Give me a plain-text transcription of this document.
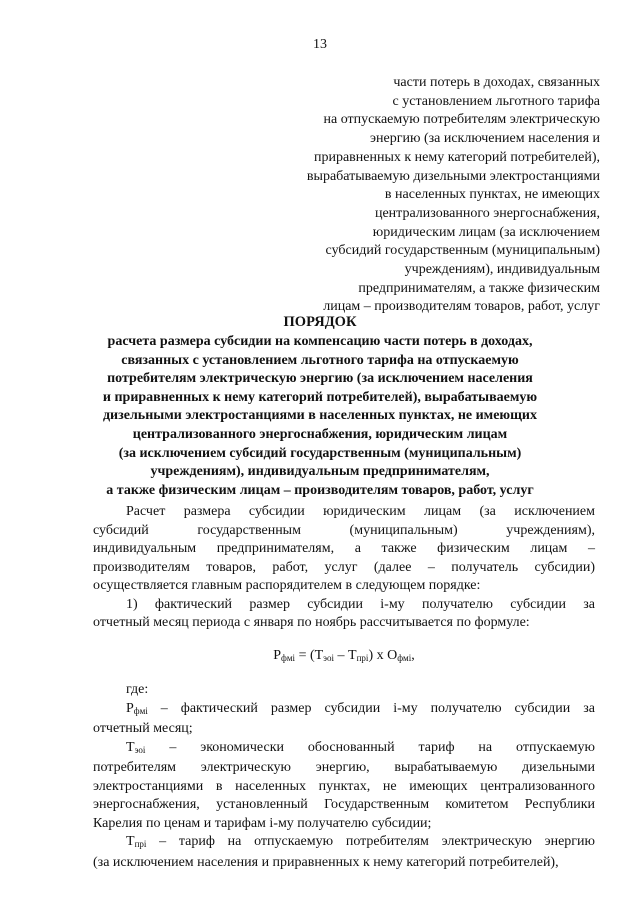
13
части потерь в доходах, связанных
с установлением льготного тарифа
на отпускаемую потребителям электрическую
энергию (за исключением населения и
приравненных к нему категорий потребителей),
вырабатываемую дизельными электростанциями
в населенных пунктах, не имеющих
централизованного энергоснабжения,
юридическим лицам (за исключением
субсидий государственным (муниципальным)
учреждениям), индивидуальным
предпринимателям, а также физическим
лицам – производителям товаров, работ, услуг
ПОРЯДОК
расчета размера субсидии на компенсацию части потерь в доходах,
связанных с установлением льготного тарифа на отпускаемую
потребителям электрическую энергию (за исключением населения
и приравненных к нему категорий потребителей), вырабатываемую
дизельными электростанциями в населенных пунктах, не имеющих
централизованного энергоснабжения, юридическим лицам
(за исключением субсидий государственным (муниципальным)
учреждениям), индивидуальным предпринимателям,
а также физическим лицам – производителям товаров, работ, услуг
Расчет размера субсидии юридическим лицам (за исключением
субсидий государственным (муниципальным) учреждениям),
индивидуальным предпринимателям, а также физическим лицам –
производителям товаров, работ, услуг (далее – получатель субсидии)
осуществляется главным распорядителем в следующем порядке:
1) фактический размер субсидии i-му получателю субсидии за
отчетный месяц периода с января по ноябрь рассчитывается по формуле:
$Р_{фмi} = (Т_{эоi} - Т_{прi})$ х $О_{фмi}$,
где:
$Р_{фмi}$ – фактический размер субсидии i-му получателю субсидии за
отчетный месяц;
$Т_{эоi}$ – экономически обоснованный тариф на отпускаемую
потребителям электрическую энергию, вырабатываемую дизельными
электростанциями в населенных пунктах, не имеющих централизованного
энергоснабжения, установленный Государственным комитетом Республики
Карелия по ценам и тарифам i-му получателю субсидии;
$Т_{прi}$ – тариф на отпускаемую потребителям электрическую энергию
(за исключением населения и приравненных к нему категорий потребителей),
